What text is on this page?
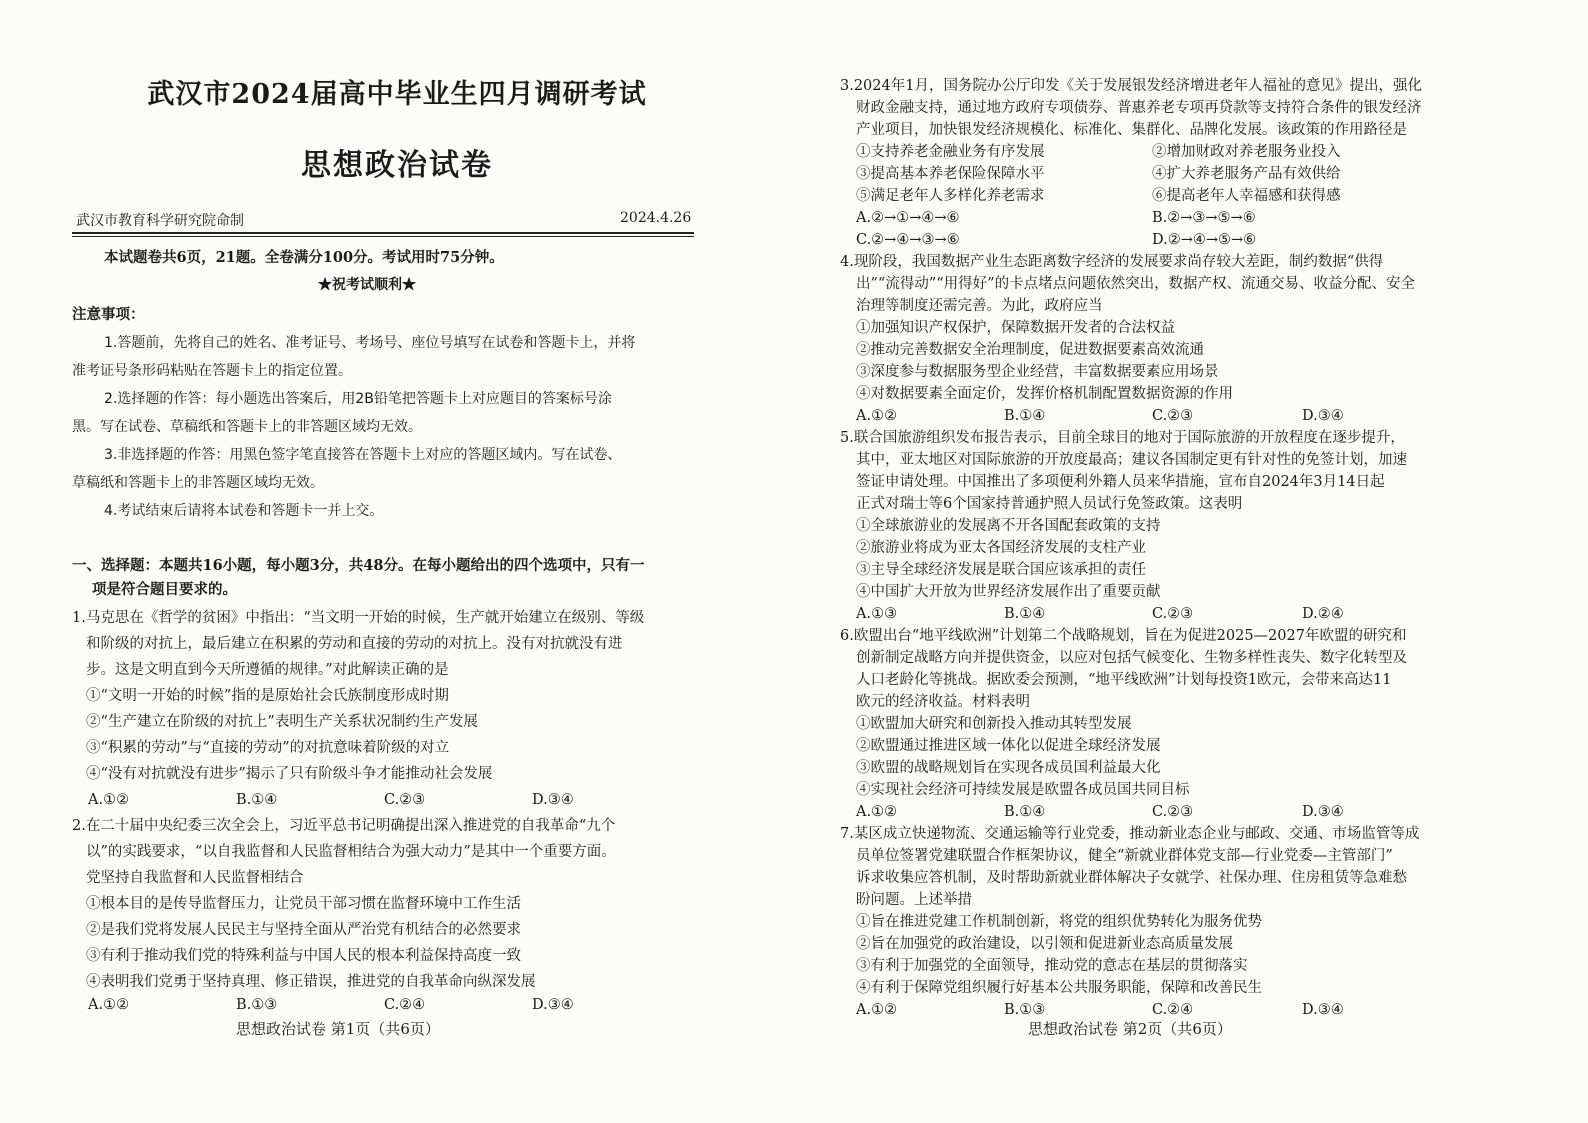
武汉市2024届高中毕业生四月调研考试
思想政治试卷
武汉市教育科学研究院命制	2024.4.26
本试题卷共6页，21题。全卷满分100分。考试用时75分钟。
★祝考试顺利★
注意事项：
1.答题前，先将自己的姓名、准考证号、考场号、座位号填写在试卷和答题卡上，并将
准考证号条形码粘贴在答题卡上的指定位置。
2.选择题的作答：每小题选出答案后，用2B铅笔把答题卡上对应题目的答案标号涂
黑。写在试卷、草稿纸和答题卡上的非答题区域均无效。
3.非选择题的作答：用黑色签字笔直接答在答题卡上对应的答题区域内。写在试卷、
草稿纸和答题卡上的非答题区域均无效。
4.考试结束后请将本试卷和答题卡一并上交。
一、选择题：本题共16小题，每小题3分，共48分。在每小题给出的四个选项中，只有一
项是符合题目要求的。
1.马克思在《哲学的贫困》中指出：“当文明一开始的时候，生产就开始建立在级别、等级
和阶级的对抗上，最后建立在积累的劳动和直接的劳动的对抗上。没有对抗就没有进
步。这是文明直到今天所遵循的规律。”对此解读正确的是
①“文明一开始的时候”指的是原始社会氏族制度形成时期
②“生产建立在阶级的对抗上”表明生产关系状况制约生产发展
③“积累的劳动”与“直接的劳动”的对抗意味着阶级的对立
④“没有对抗就没有进步”揭示了只有阶级斗争才能推动社会发展
A.①②	B.①④	C.②③	D.③④
2.在二十届中央纪委三次全会上，习近平总书记明确提出深入推进党的自我革命“九个
以”的实践要求，“以自我监督和人民监督相结合为强大动力”是其中一个重要方面。
党坚持自我监督和人民监督相结合
①根本目的是传导监督压力，让党员干部习惯在监督环境中工作生活
②是我们党将发展人民民主与坚持全面从严治党有机结合的必然要求
③有利于推动我们党的特殊利益与中国人民的根本利益保持高度一致
④表明我们党勇于坚持真理、修正错误，推进党的自我革命向纵深发展
A.①②	B.①③	C.②④	D.③④
思想政治试卷 第1页（共6页）
3.2024年1月，国务院办公厅印发《关于发展银发经济增进老年人福祉的意见》提出，强化
财政金融支持，通过地方政府专项债券、普惠养老专项再贷款等支持符合条件的银发经济
产业项目，加快银发经济规模化、标准化、集群化、品牌化发展。该政策的作用路径是
①支持养老金融业务有序发展	②增加财政对养老服务业投入
③提高基本养老保险保障水平	④扩大养老服务产品有效供给
⑤满足老年人多样化养老需求	⑥提高老年人幸福感和获得感
A.②→①→④→⑥	B.②→③→⑤→⑥
C.②→④→③→⑥	D.②→④→⑤→⑥
4.现阶段，我国数据产业生态距离数字经济的发展要求尚存较大差距，制约数据“供得
出”“流得动”“用得好”的卡点堵点问题依然突出，数据产权、流通交易、收益分配、安全
治理等制度还需完善。为此，政府应当
①加强知识产权保护，保障数据开发者的合法权益
②推动完善数据安全治理制度，促进数据要素高效流通
③深度参与数据服务型企业经营，丰富数据要素应用场景
④对数据要素全面定价，发挥价格机制配置数据资源的作用
A.①②	B.①④	C.②③	D.③④
5.联合国旅游组织发布报告表示，目前全球目的地对于国际旅游的开放程度在逐步提升，
其中，亚太地区对国际旅游的开放度最高；建议各国制定更有针对性的免签计划，加速
签证申请处理。中国推出了多项便利外籍人员来华措施，宣布自2024年3月14日起
正式对瑞士等6个国家持普通护照人员试行免签政策。这表明
①全球旅游业的发展离不开各国配套政策的支持
②旅游业将成为亚太各国经济发展的支柱产业
③主导全球经济发展是联合国应该承担的责任
④中国扩大开放为世界经济发展作出了重要贡献
A.①③	B.①④	C.②③	D.②④
6.欧盟出台“地平线欧洲”计划第二个战略规划，旨在为促进2025—2027年欧盟的研究和
创新制定战略方向并提供资金，以应对包括气候变化、生物多样性丧失、数字化转型及
人口老龄化等挑战。据欧委会预测，“地平线欧洲”计划每投资1欧元，会带来高达11
欧元的经济收益。材料表明
①欧盟加大研究和创新投入推动其转型发展
②欧盟通过推进区域一体化以促进全球经济发展
③欧盟的战略规划旨在实现各成员国利益最大化
④实现社会经济可持续发展是欧盟各成员国共同目标
A.①②	B.①④	C.②③	D.③④
7.某区成立快递物流、交通运输等行业党委，推动新业态企业与邮政、交通、市场监管等成
员单位签署党建联盟合作框架协议，健全“新就业群体党支部—行业党委—主管部门”
诉求收集应答机制，及时帮助新就业群体解决子女就学、社保办理、住房租赁等急难愁
盼问题。上述举措
①旨在推进党建工作机制创新，将党的组织优势转化为服务优势
②旨在加强党的政治建设，以引领和促进新业态高质量发展
③有利于加强党的全面领导，推动党的意志在基层的贯彻落实
④有利于保障党组织履行好基本公共服务职能，保障和改善民生
A.①②	B.①③	C.②④	D.③④
思想政治试卷 第2页（共6页）
